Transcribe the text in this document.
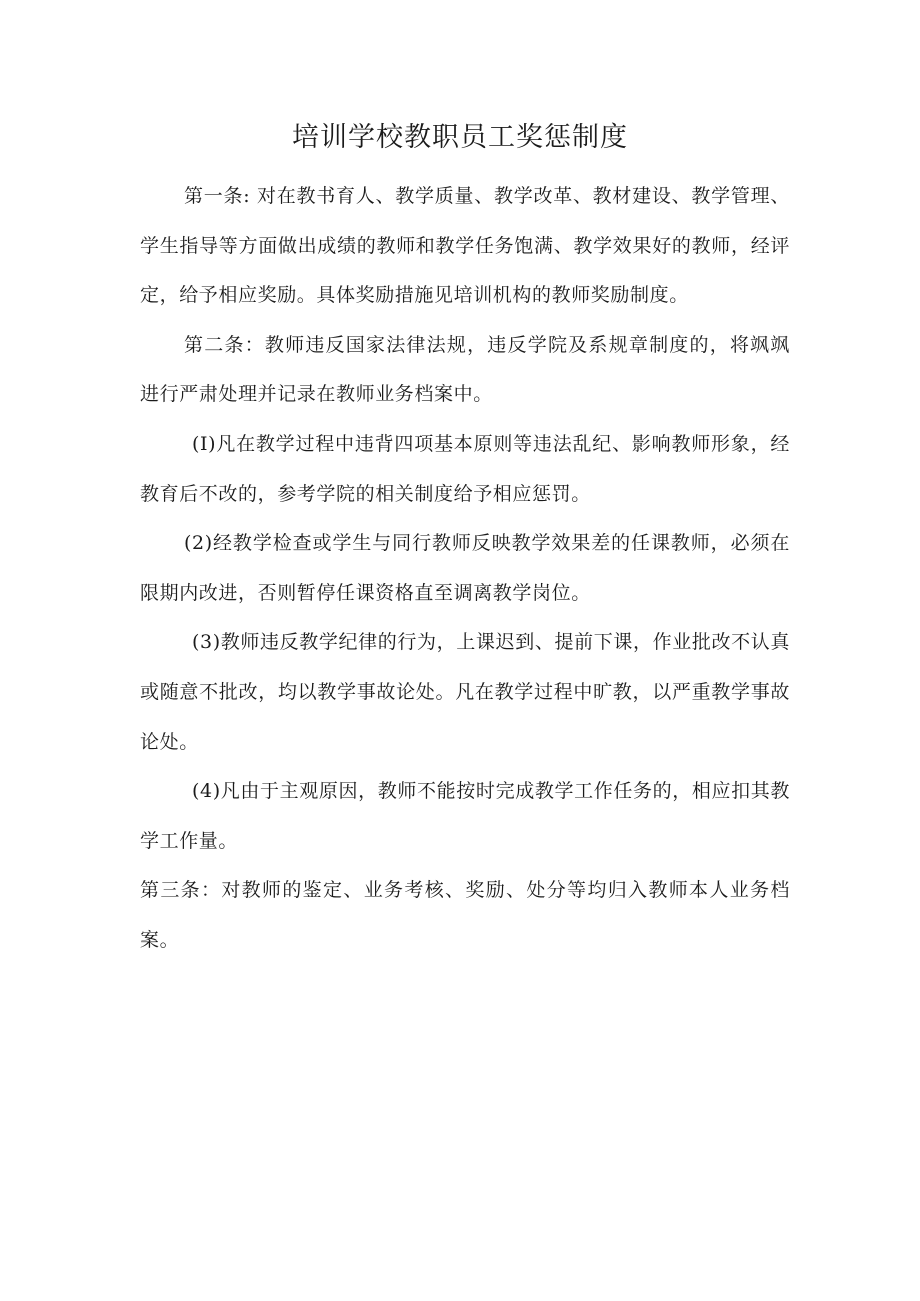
培训学校教职员工奖惩制度

第一条: 对在教书育人、教学质量、教学改革、教材建设、教学管理、学生指导等方面做出成绩的教师和教学任务饱满、教学效果好的教师，经评定，给予相应奖励。具体奖励措施见培训机构的教师奖励制度。

第二条：教师违反国家法律法规，违反学院及系规章制度的，将飒飒进行严肃处理并记录在教师业务档案中。

(I)凡在教学过程中违背四项基本原则等违法乱纪、影响教师形象，经教育后不改的，参考学院的相关制度给予相应惩罚。

(2)经教学检查或学生与同行教师反映教学效果差的任课教师，必须在限期内改进，否则暂停任课资格直至调离教学岗位。

(3)教师违反教学纪律的行为，上课迟到、提前下课，作业批改不认真或随意不批改，均以教学事故论处。凡在教学过程中旷教，以严重教学事故论处。

(4)凡由于主观原因，教师不能按时完成教学工作任务的，相应扣其教学工作量。

第三条：对教师的鉴定、业务考核、奖励、处分等均归入教师本人业务档案。
